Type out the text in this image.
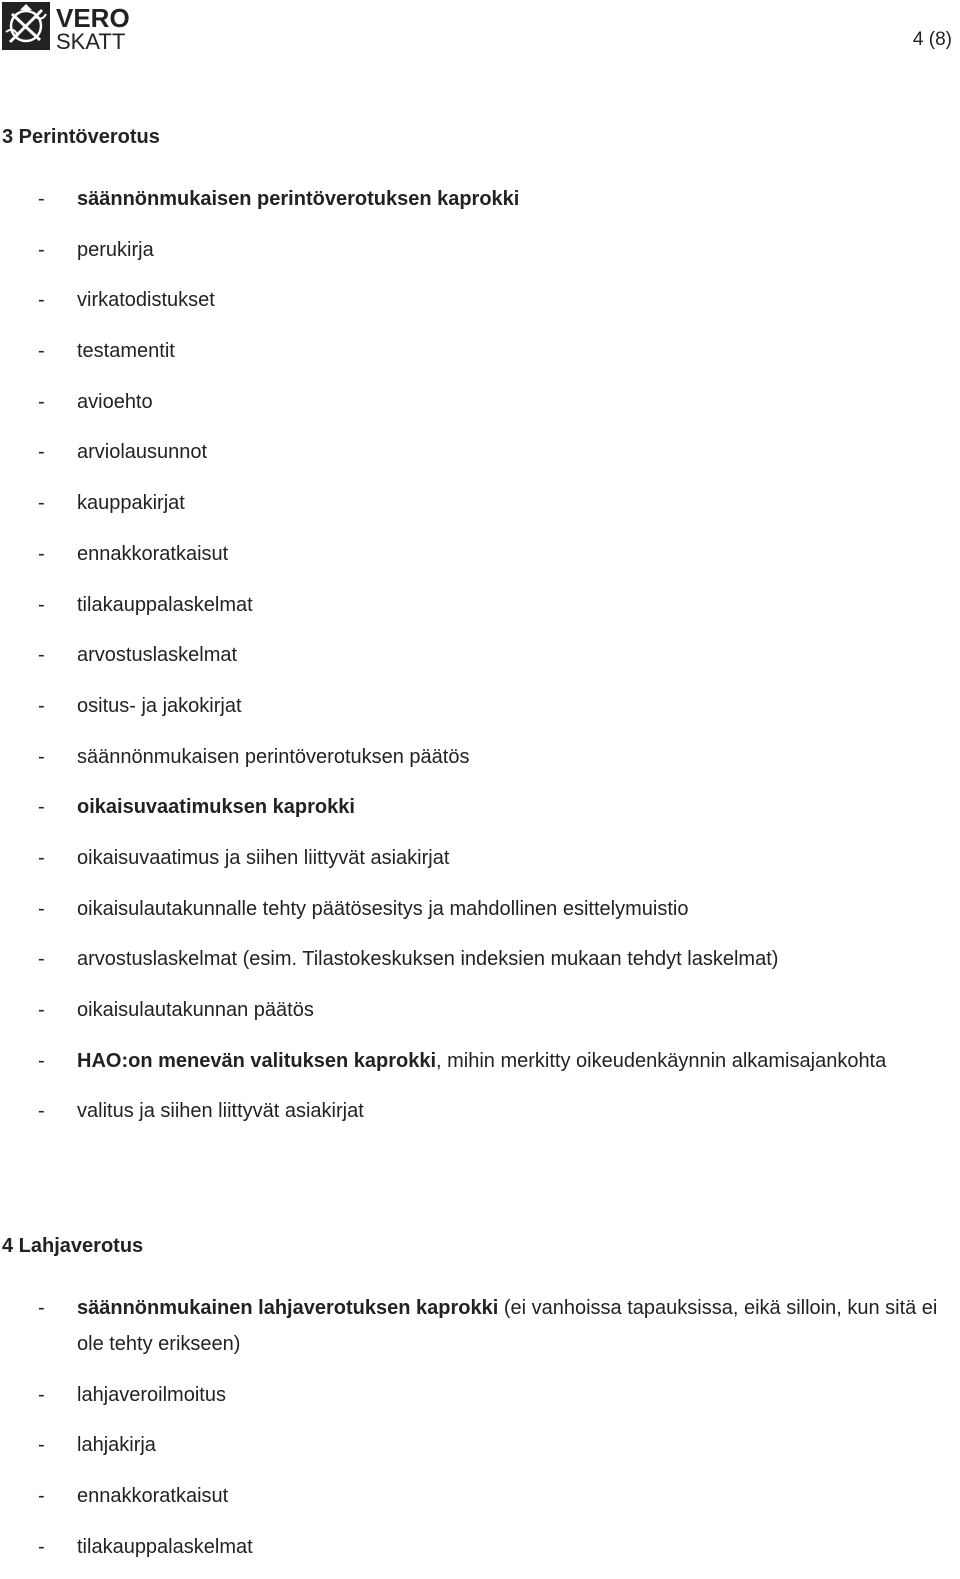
VERO
SKATT	4 (8)
3 Perintöverotus
- säännönmukaisen perintöverotuksen kaprokki
- perukirja
- virkatodistukset
- testamentit
- avioehto
- arviolausunnot
- kauppakirjat
- ennakkoratkaisut
- tilakauppalaskelmat
- arvostuslaskelmat
- ositus- ja jakokirjat
- säännönmukaisen perintöverotuksen päätös
- oikaisuvaatimuksen kaprokki
- oikaisuvaatimus ja siihen liittyvät asiakirjat
- oikaisulautakunnalle tehty päätösesitys ja mahdollinen esittelymuistio
- arvostuslaskelmat (esim. Tilastokeskuksen indeksien mukaan tehdyt laskelmat)
- oikaisulautakunnan päätös
- HAO:on menevän valituksen kaprokki, mihin merkitty oikeudenkäynnin alkamisajankohta
- valitus ja siihen liittyvät asiakirjat
4 Lahjaverotus
- säännönmukainen lahjaverotuksen kaprokki (ei vanhoissa tapauksissa, eikä silloin, kun sitä ei ole tehty erikseen)
- lahjaveroilmoitus
- lahjakirja
- ennakkoratkaisut
- tilakauppalaskelmat
